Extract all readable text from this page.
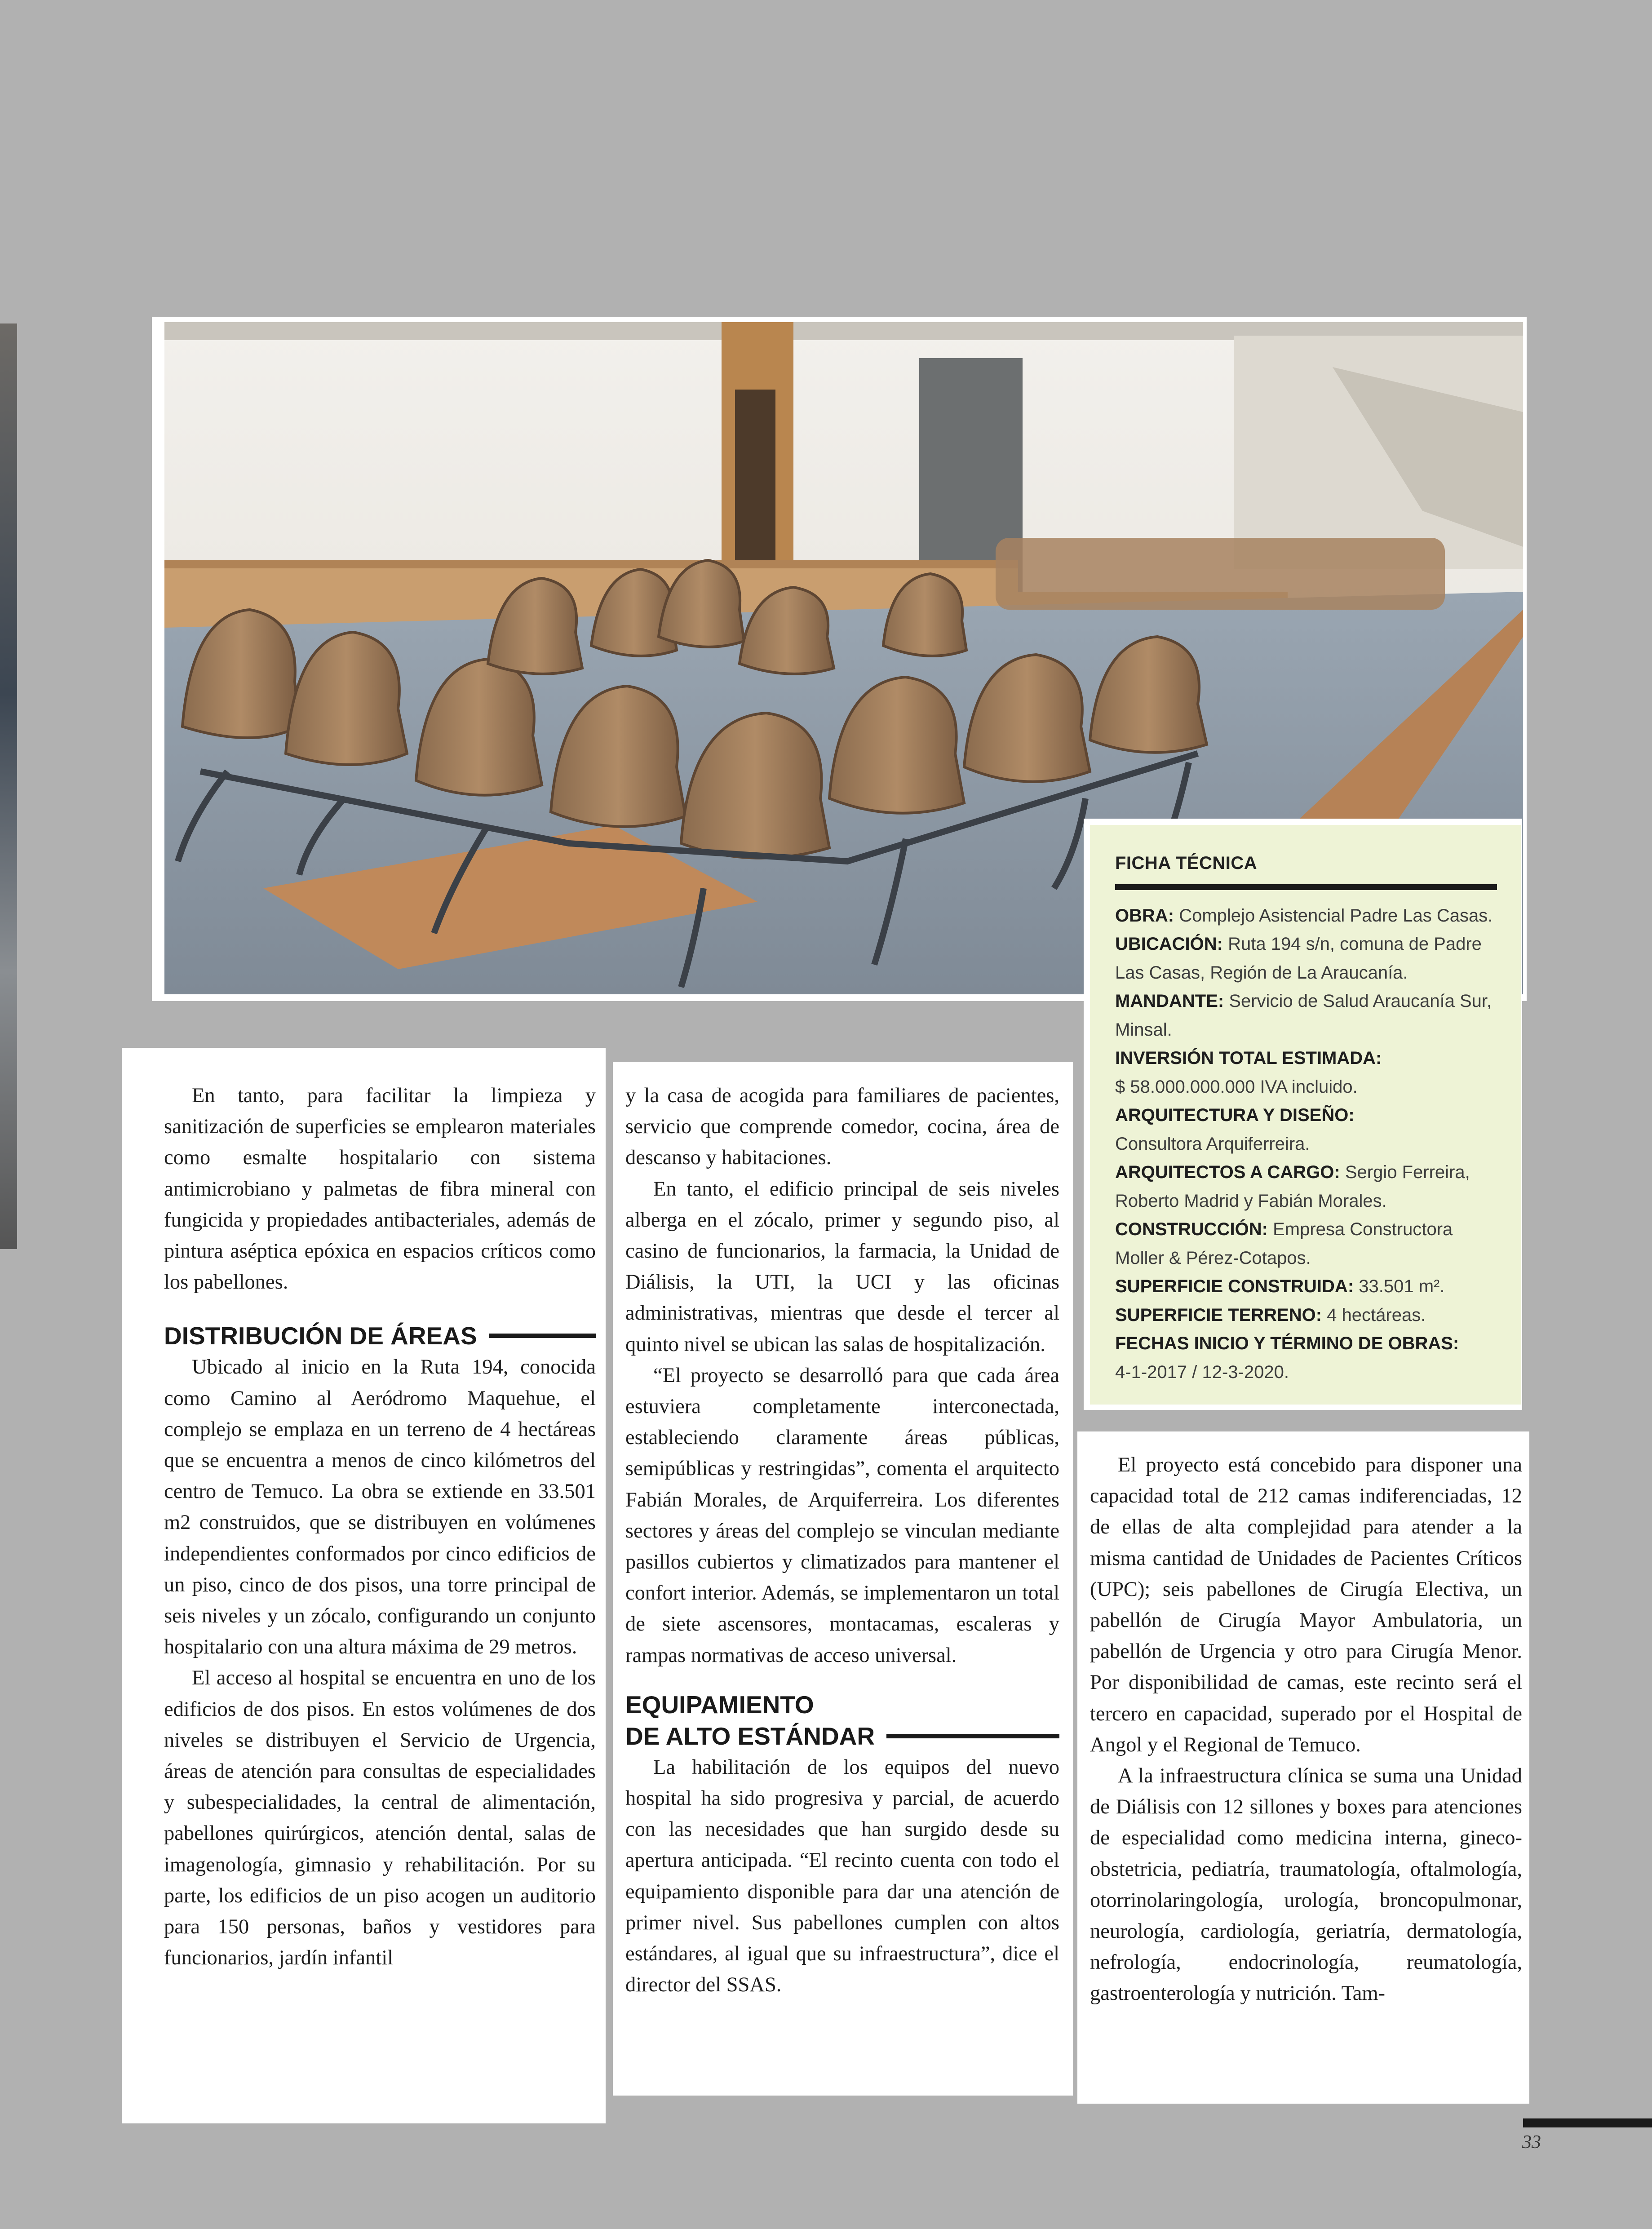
FICHA TÉCNICA

OBRA: Complejo Asistencial Padre Las Casas.

UBICACIÓN: Ruta 194 s/n, comuna de Padre Las Casas, Región de La Araucanía.

MANDANTE: Servicio de Salud Araucanía Sur, Minsal.

INVERSIÓN TOTAL ESTIMADA:
$ 58.000.000.000 IVA incluido.

ARQUITECTURA Y DISEÑO:
Consultora Arquiferreira.

ARQUITECTOS A CARGO: Sergio Ferreira, Roberto Madrid y Fabián Morales.

CONSTRUCCIÓN: Empresa Constructora Moller & Pérez-Cotapos.

SUPERFICIE CONSTRUIDA: 33.501 m².

SUPERFICIE TERRENO: 4 hectáreas.

FECHAS INICIO Y TÉRMINO DE OBRAS:
4-1-2017 / 12-3-2020.

En tanto, para facilitar la limpieza y sanitización de superficies se emplearon materiales como esmalte hospitalario con sistema antimicrobiano y palmetas de fibra mineral con fungicida y propiedades antibacteriales, además de pintura aséptica epóxica en espacios críticos como los pabellones.

DISTRIBUCIÓN DE ÁREAS

Ubicado al inicio en la Ruta 194, conocida como Camino al Aeródromo Maquehue, el complejo se emplaza en un terreno de 4 hectáreas que se encuentra a menos de cinco kilómetros del centro de Temuco. La obra se extiende en 33.501 m2 construidos, que se distribuyen en volúmenes independientes conformados por cinco edificios de un piso, cinco de dos pisos, una torre principal de seis niveles y un zócalo, configurando un conjunto hospitalario con una altura máxima de 29 metros.

El acceso al hospital se encuentra en uno de los edificios de dos pisos. En estos volúmenes de dos niveles se distribuyen el Servicio de Urgencia, áreas de atención para consultas de especialidades y subespecialidades, la central de alimentación, pabellones quirúrgicos, atención dental, salas de imagenología, gimnasio y rehabilitación. Por su parte, los edificios de un piso acogen un auditorio para 150 personas, baños y vestidores para funcionarios, jardín infantil

y la casa de acogida para familiares de pacientes, servicio que comprende comedor, cocina, área de descanso y habitaciones.

En tanto, el edificio principal de seis niveles alberga en el zócalo, primer y segundo piso, al casino de funcionarios, la farmacia, la Unidad de Diálisis, la UTI, la UCI y las oficinas administrativas, mientras que desde el tercer al quinto nivel se ubican las salas de hospitalización.

“El proyecto se desarrolló para que cada área estuviera completamente interconectada, estableciendo claramente áreas públicas, semipúblicas y restringidas”, comenta el arquitecto Fabián Morales, de Arquiferreira. Los diferentes sectores y áreas del complejo se vinculan mediante pasillos cubiertos y climatizados para mantener el confort interior. Además, se implementaron un total de siete ascensores, montacamas, escaleras y rampas normativas de acceso universal.

EQUIPAMIENTO
DE ALTO ESTÁNDAR

La habilitación de los equipos del nuevo hospital ha sido progresiva y parcial, de acuerdo con las necesidades que han surgido desde su apertura anticipada. “El recinto cuenta con todo el equipamiento disponible para dar una atención de primer nivel. Sus pabellones cumplen con altos estándares, al igual que su infraestructura”, dice el director del SSAS.

El proyecto está concebido para disponer una capacidad total de 212 camas indiferenciadas, 12 de ellas de alta complejidad para atender a la misma cantidad de Unidades de Pacientes Críticos (UPC); seis pabellones de Cirugía Electiva, un pabellón de Cirugía Mayor Ambulatoria, un pabellón de Urgencia y otro para Cirugía Menor. Por disponibilidad de camas, este recinto será el tercero en capacidad, superado por el Hospital de Angol y el Regional de Temuco.

A la infraestructura clínica se suma una Unidad de Diálisis con 12 sillones y boxes para atenciones de especialidad como medicina interna, gineco-obstetricia, pediatría, traumatología, oftalmología, otorrinolaringología, urología, broncopulmonar, neurología, cardiología, geriatría, dermatología, nefrología, endocrinología, reumatología, gastroenterología y nutrición. Tam-

33
